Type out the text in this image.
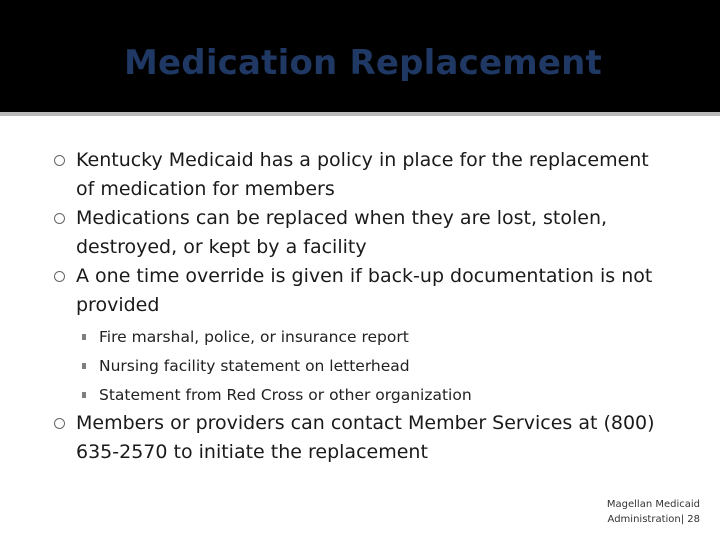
Medication Replacement
Kentucky Medicaid has a policy in place for the replacement
of medication for members
Medications can be replaced when they are lost, stolen,
destroyed, or kept by a facility
A one time override is given if back-up documentation is not
provided
Fire marshal, police, or insurance report
Nursing facility statement on letterhead
Statement from Red Cross or other organization
Members or providers can contact Member Services at (800)
635-2570 to initiate the replacement
Magellan Medicaid
Administration| 28
